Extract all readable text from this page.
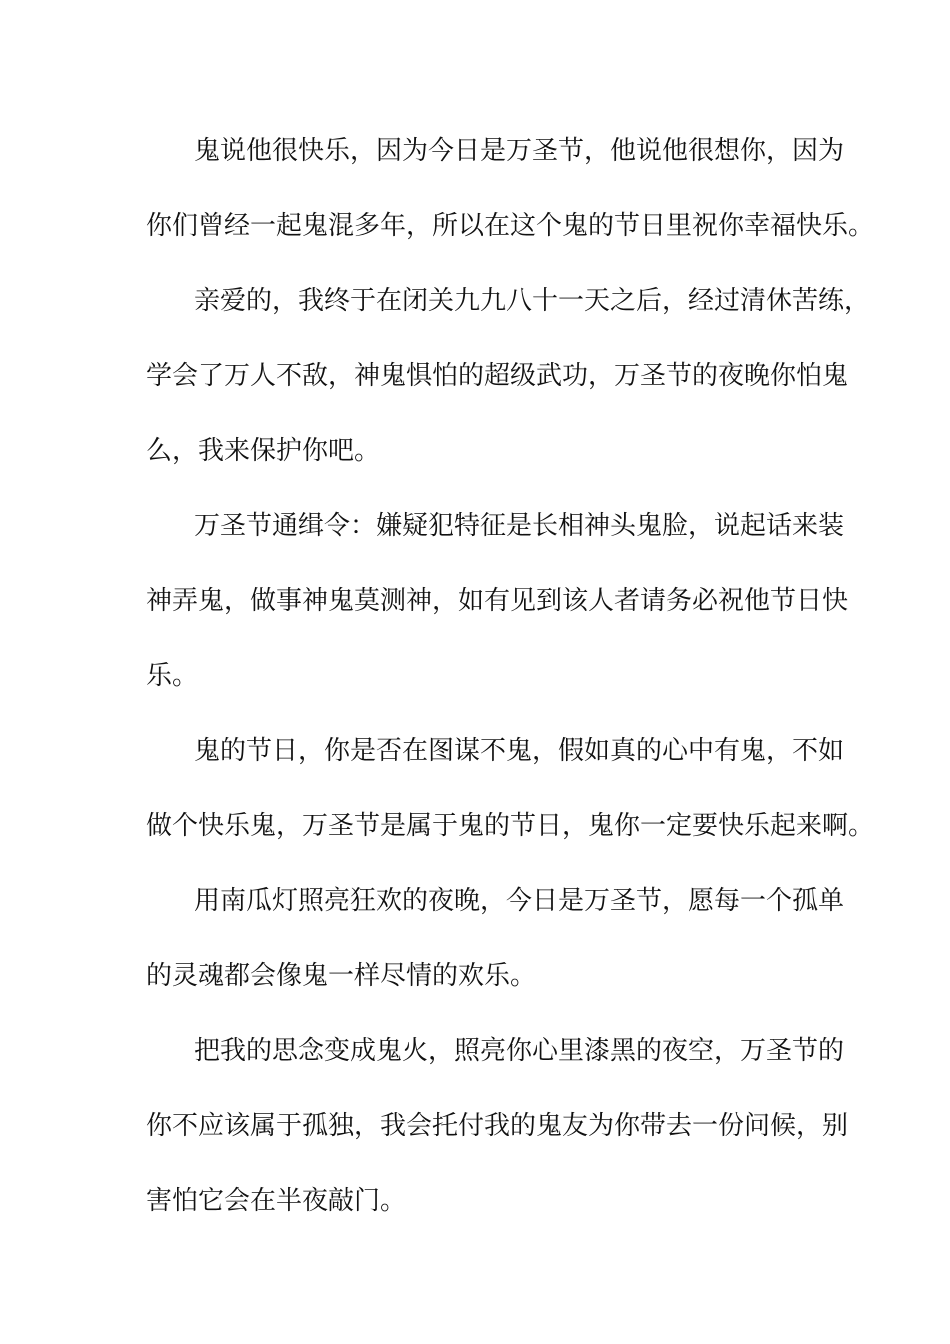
鬼说他很快乐，因为今日是万圣节，他说他很想你，因为
你们曾经一起鬼混多年，所以在这个鬼的节日里祝你幸福快乐。
亲爱的，我终于在闭关九九八十一天之后，经过清休苦练，
学会了万人不敌，神鬼惧怕的超级武功，万圣节的夜晚你怕鬼
么，我来保护你吧。
万圣节通缉令：嫌疑犯特征是长相神头鬼脸，说起话来装
神弄鬼，做事神鬼莫测神，如有见到该人者请务必祝他节日快
乐。
鬼的节日，你是否在图谋不鬼，假如真的心中有鬼，不如
做个快乐鬼，万圣节是属于鬼的节日，鬼你一定要快乐起来啊。
用南瓜灯照亮狂欢的夜晚，今日是万圣节，愿每一个孤单
的灵魂都会像鬼一样尽情的欢乐。
把我的思念变成鬼火，照亮你心里漆黑的夜空，万圣节的
你不应该属于孤独，我会托付我的鬼友为你带去一份问候，别
害怕它会在半夜敲门。
